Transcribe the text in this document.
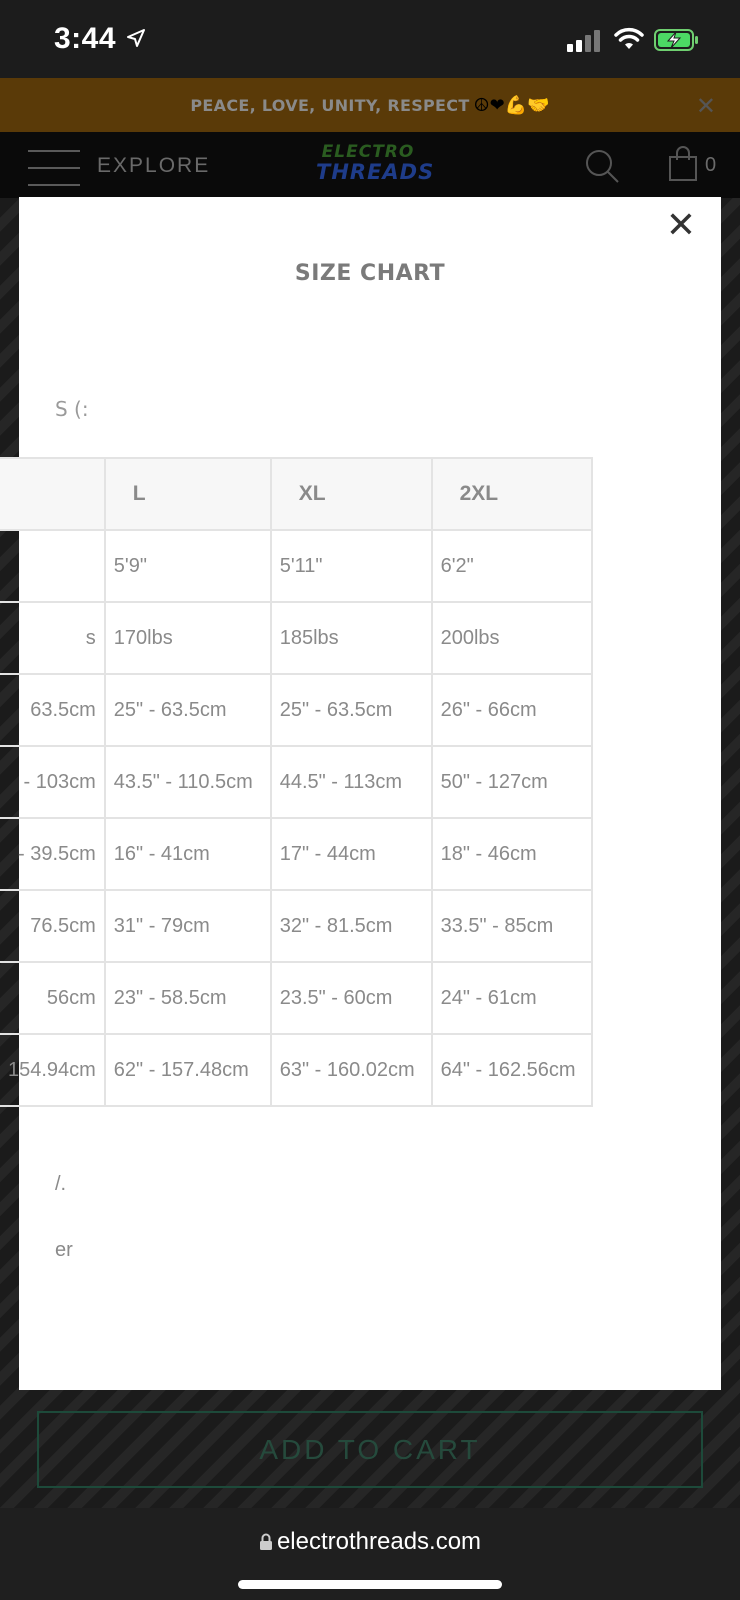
3:44
PEACE, LOVE, UNITY, RESPECT ☮❤💪🤝	✕
EXPLORE
ELECTRO
THREADS	0
✕
SIZE CHART
S (:
	L	XL	2XL
	5'9"	5'11"	6'2"
s	170lbs	185lbs	200lbs
63.5cm	25" - 63.5cm	25" - 63.5cm	26" - 66cm
- 103cm	43.5" - 110.5cm	44.5" - 113cm	50" - 127cm
- 39.5cm	16" - 41cm	17" - 44cm	18" - 46cm
76.5cm	31" - 79cm	32" - 81.5cm	33.5" - 85cm
56cm	23" - 58.5cm	23.5" - 60cm	24" - 61cm
154.94cm	62" - 157.48cm	63" - 160.02cm	64" - 162.56cm
/.
er
ADD TO CART
electrothreads.com
